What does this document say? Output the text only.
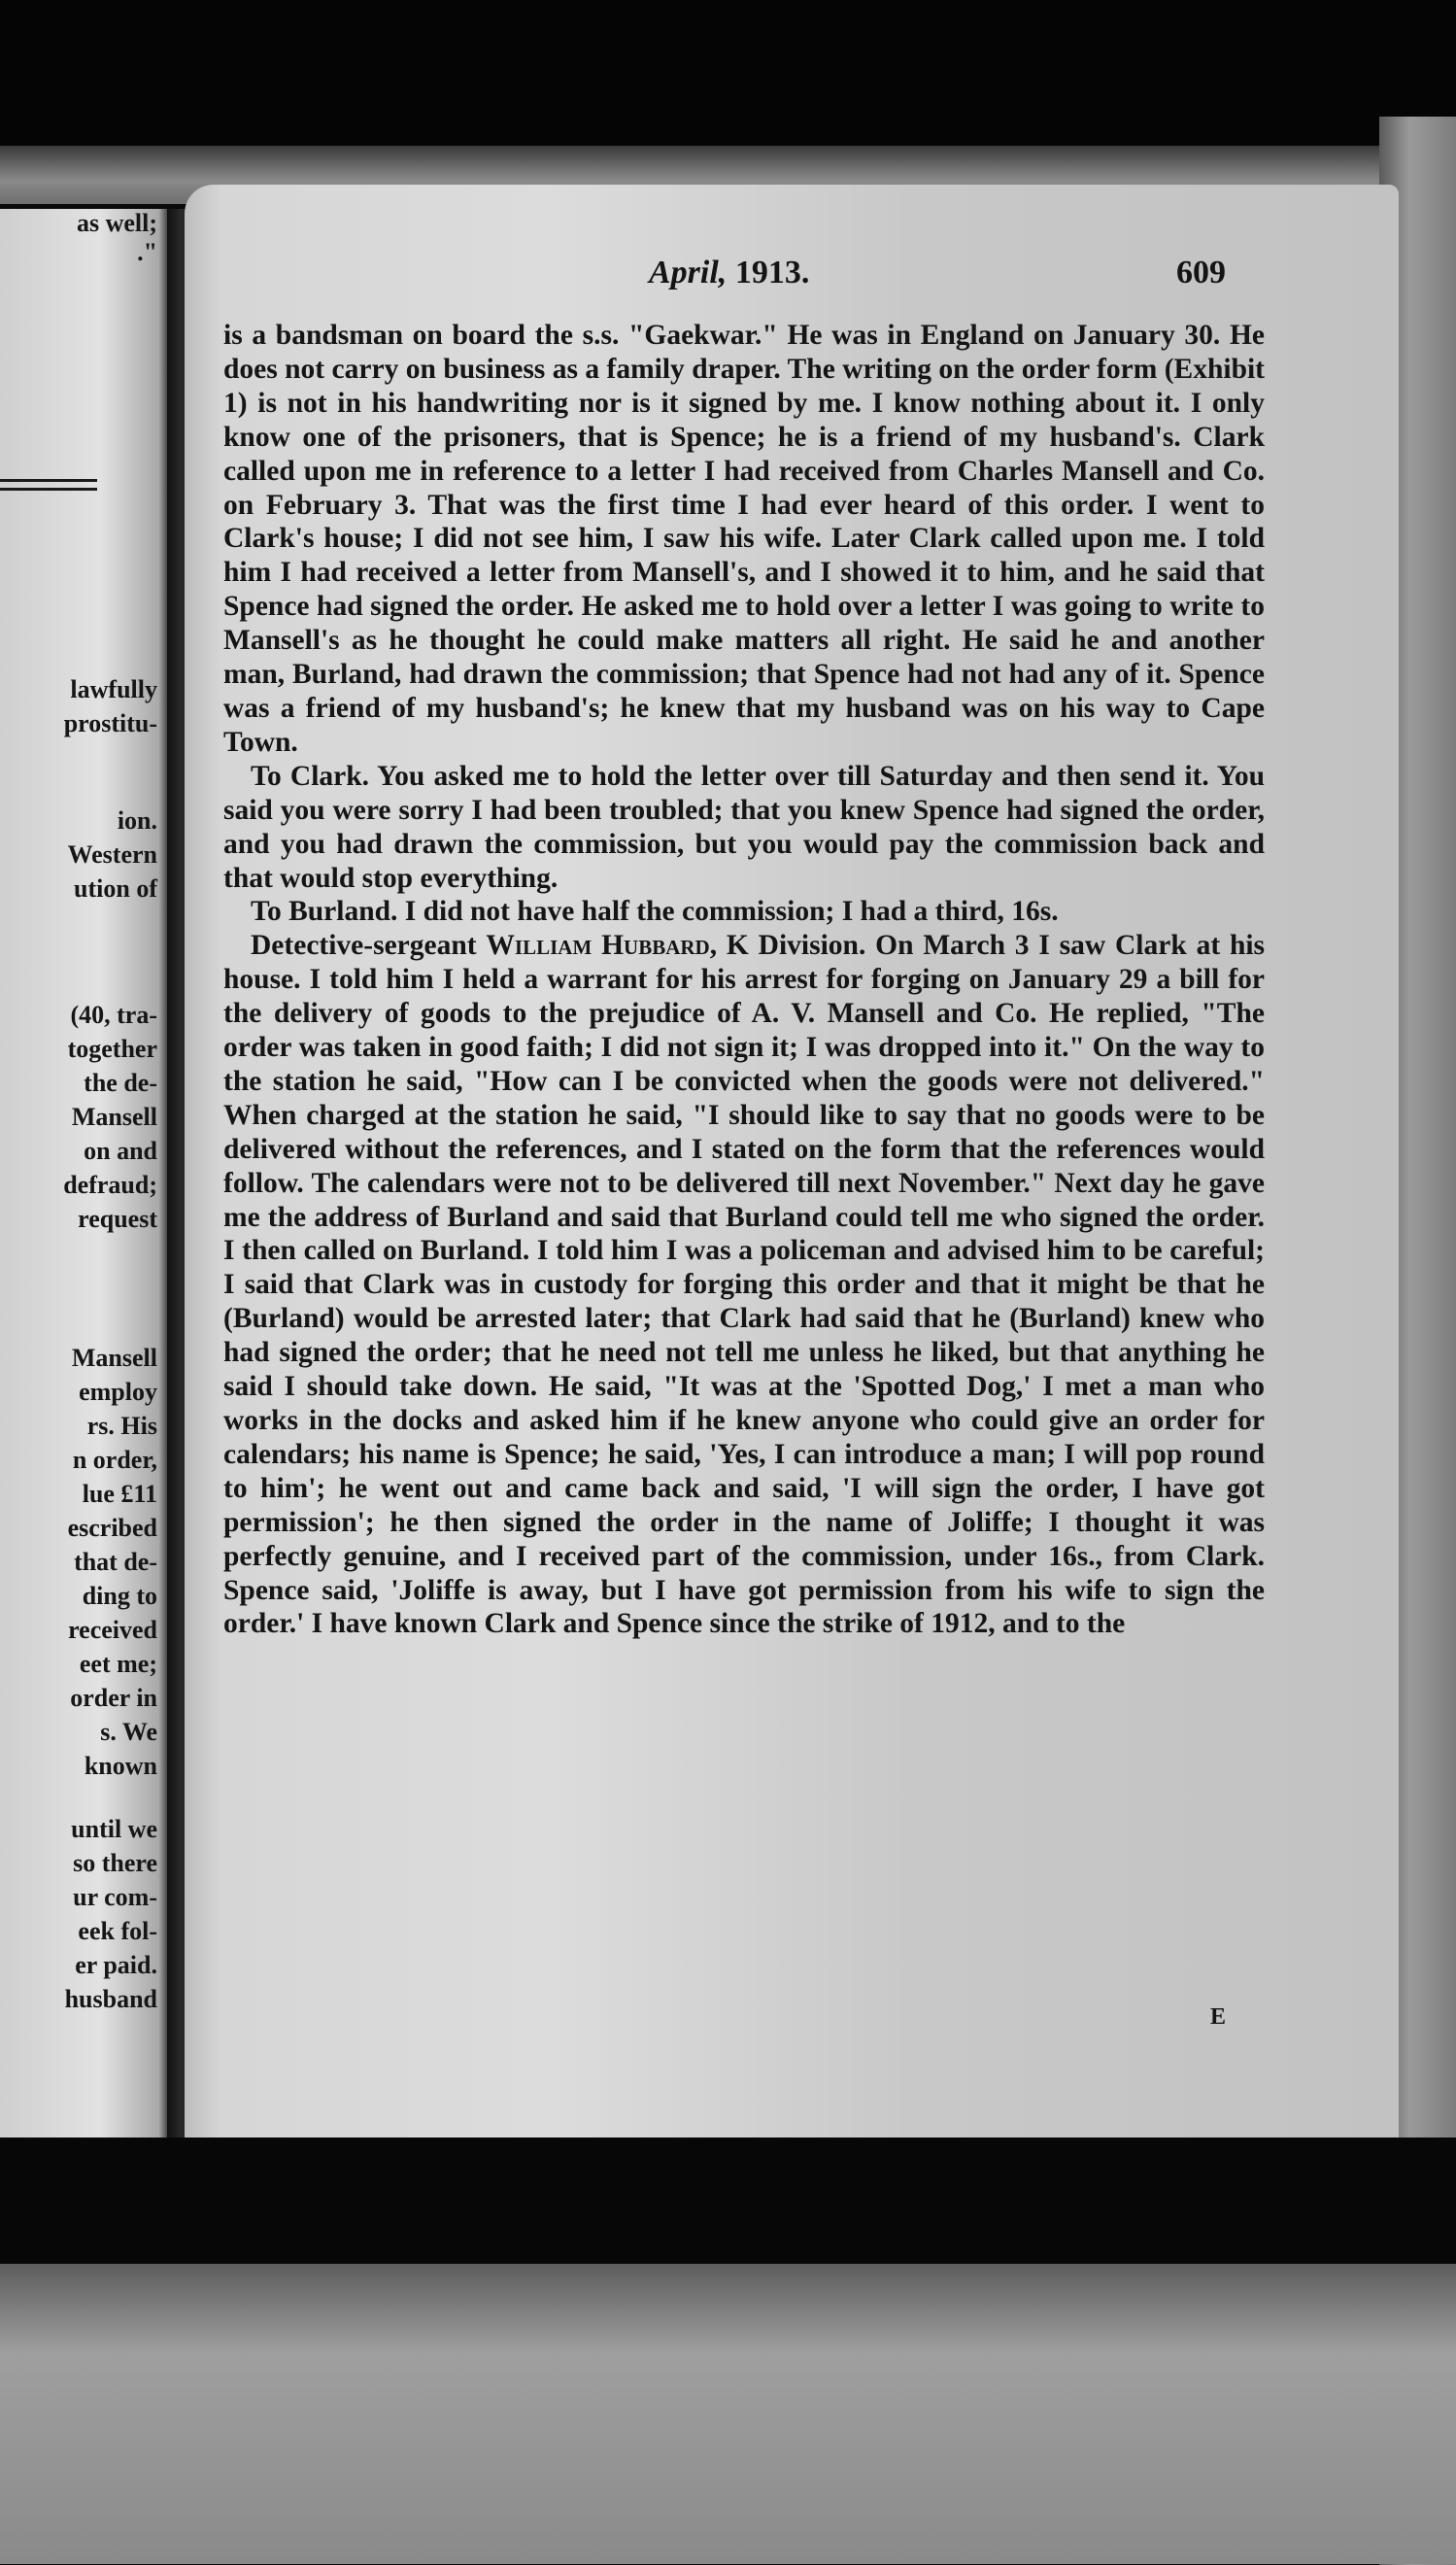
as well;
."
lawfully
prostitu-
ion.
Western
ution of
(40, tra-
together
the de-
Mansell
on and
defraud;
request
Mansell
employ
rs. His
n order,
lue £11
escribed
that de-
ding to
received
eet me;
order in
s. We
known
until we
so there
ur com-
eek fol-
er paid.
husband
April, 1913.	609

is a bandsman on board the s.s. "Gaekwar." He was in England on January 30. He does not carry on business as a family draper. The writing on the order form (Exhibit 1) is not in his handwriting nor is it signed by me. I know nothing about it. I only know one of the prisoners, that is Spence; he is a friend of my husband's. Clark called upon me in reference to a letter I had received from Charles Mansell and Co. on February 3. That was the first time I had ever heard of this order. I went to Clark's house; I did not see him, I saw his wife. Later Clark called upon me. I told him I had received a letter from Mansell's, and I showed it to him, and he said that Spence had signed the order. He asked me to hold over a letter I was going to write to Mansell's as he thought he could make matters all right. He said he and another man, Burland, had drawn the commission; that Spence had not had any of it. Spence was a friend of my husband's; he knew that my husband was on his way to Cape Town.

To Clark. You asked me to hold the letter over till Saturday and then send it. You said you were sorry I had been troubled; that you knew Spence had signed the order, and you had drawn the commission, but you would pay the commission back and that would stop everything.

To Burland. I did not have half the commission; I had a third, 16s.

Detective-sergeant William Hubbard, K Division. On March 3 I saw Clark at his house. I told him I held a warrant for his arrest for forging on January 29 a bill for the delivery of goods to the prejudice of A. V. Mansell and Co. He replied, "The order was taken in good faith; I did not sign it; I was dropped into it." On the way to the station he said, "How can I be convicted when the goods were not delivered." When charged at the station he said, "I should like to say that no goods were to be delivered without the references, and I stated on the form that the references would follow. The calendars were not to be delivered till next November." Next day he gave me the address of Burland and said that Burland could tell me who signed the order. I then called on Burland. I told him I was a policeman and advised him to be careful; I said that Clark was in custody for forging this order and that it might be that he (Burland) would be arrested later; that Clark had said that he (Burland) knew who had signed the order; that he need not tell me unless he liked, but that anything he said I should take down. He said, "It was at the 'Spotted Dog,' I met a man who works in the docks and asked him if he knew anyone who could give an order for calendars; his name is Spence; he said, 'Yes, I can introduce a man; I will pop round to him'; he went out and came back and said, 'I will sign the order, I have got permission'; he then signed the order in the name of Joliffe; I thought it was perfectly genuine, and I received part of the commission, under 16s., from Clark. Spence said, 'Joliffe is away, but I have got permission from his wife to sign the order.' I have known Clark and Spence since the strike of 1912, and to the

E
